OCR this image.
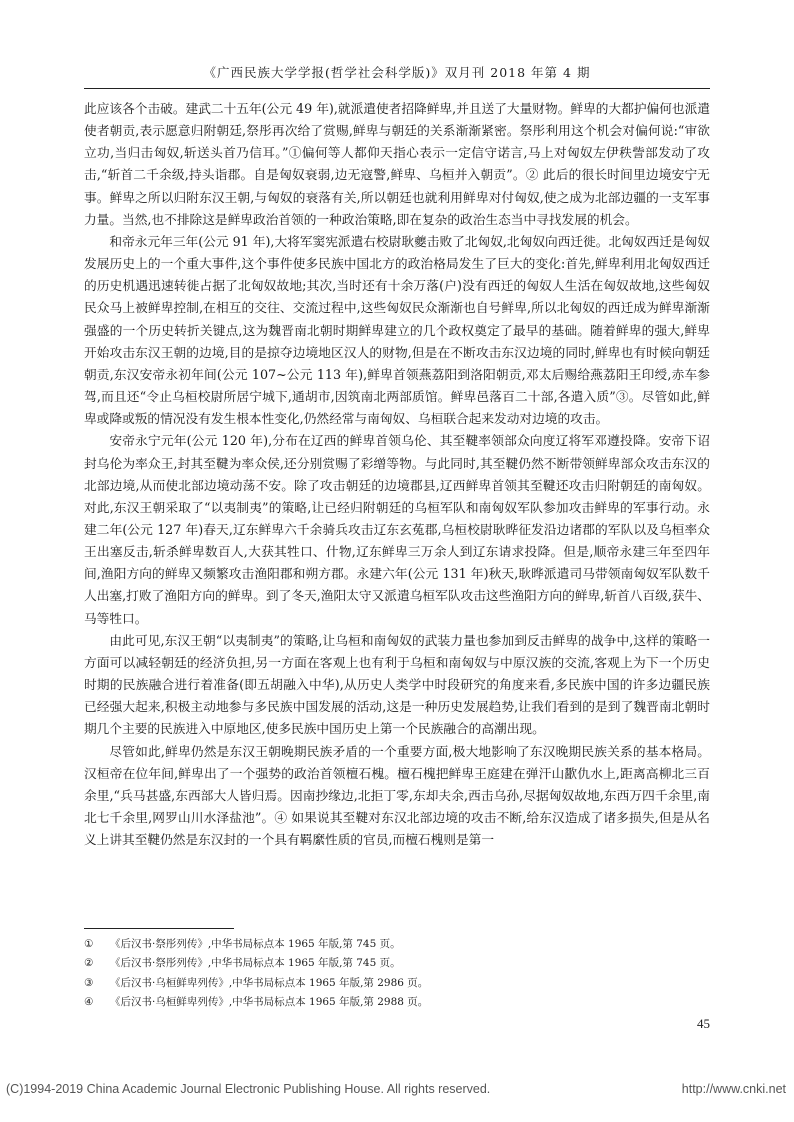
《广西民族大学学报(哲学社会科学版)》双月刊 2018 年第 4 期

此应该各个击破。建武二十五年(公元 49 年),就派遣使者招降鲜卑,并且送了大量财物。鲜卑的大都护偏何也派遣使者朝贡,表示愿意归附朝廷,祭彤再次给了赏赐,鲜卑与朝廷的关系渐渐紧密。祭彤利用这个机会对偏何说:“审欲立功,当归击匈奴,斩送头首乃信耳。”①偏何等人都仰天指心表示一定信守诺言,马上对匈奴左伊秩訾部发动了攻击,“斩首二千余级,持头诣郡。自是匈奴衰弱,边无寇警,鲜卑、乌桓并入朝贡”。② 此后的很长时间里边境安宁无事。鲜卑之所以归附东汉王朝,与匈奴的衰落有关,所以朝廷也就利用鲜卑对付匈奴,使之成为北部边疆的一支军事力量。当然,也不排除这是鲜卑政治首领的一种政治策略,即在复杂的政治生态当中寻找发展的机会。

和帝永元年三年(公元 91 年),大将军窦宪派遣右校尉耿夔击败了北匈奴,北匈奴向西迁徙。北匈奴西迁是匈奴发展历史上的一个重大事件,这个事件使多民族中国北方的政治格局发生了巨大的变化:首先,鲜卑利用北匈奴西迁的历史机遇迅速转徙占据了北匈奴故地;其次,当时还有十余万落(户)没有西迁的匈奴人生活在匈奴故地,这些匈奴民众马上被鲜卑控制,在相互的交往、交流过程中,这些匈奴民众渐渐也自号鲜卑,所以北匈奴的西迁成为鲜卑渐渐强盛的一个历史转折关键点,这为魏晋南北朝时期鲜卑建立的几个政权奠定了最早的基础。随着鲜卑的强大,鲜卑开始攻击东汉王朝的边境,目的是掠夺边境地区汉人的财物,但是在不断攻击东汉边境的同时,鲜卑也有时候向朝廷朝贡,东汉安帝永初年间(公元 107~公元 113 年),鲜卑首领燕荔阳到洛阳朝贡,邓太后赐给燕荔阳王印绶,赤车参驾,而且还“令止乌桓校尉所居宁城下,通胡市,因筑南北两部质馆。鲜卑邑落百二十部,各遣入质”③。尽管如此,鲜卑或降或叛的情况没有发生根本性变化,仍然经常与南匈奴、乌桓联合起来发动对边境的攻击。

安帝永宁元年(公元 120 年),分布在辽西的鲜卑首领乌伦、其至鞬率领部众向度辽将军邓遵投降。安帝下诏封乌伦为率众王,封其至鞬为率众侯,还分别赏赐了彩缯等物。与此同时,其至鞬仍然不断带领鲜卑部众攻击东汉的北部边境,从而使北部边境动荡不安。除了攻击朝廷的边境郡县,辽西鲜卑首领其至鞬还攻击归附朝廷的南匈奴。对此,东汉王朝采取了“以夷制夷”的策略,让已经归附朝廷的乌桓军队和南匈奴军队参加攻击鲜卑的军事行动。永建二年(公元 127 年)春天,辽东鲜卑六千余骑兵攻击辽东玄菟郡,乌桓校尉耿晔征发沿边诸郡的军队以及乌桓率众王出塞反击,斩杀鲜卑数百人,大获其牲口、什物,辽东鲜卑三万余人到辽东请求投降。但是,顺帝永建三年至四年间,渔阳方向的鲜卑又频繁攻击渔阳郡和朔方郡。永建六年(公元 131 年)秋天,耿晔派遣司马带领南匈奴军队数千人出塞,打败了渔阳方向的鲜卑。到了冬天,渔阳太守又派遣乌桓军队攻击这些渔阳方向的鲜卑,斩首八百级,获牛、马等牲口。

由此可见,东汉王朝“以夷制夷”的策略,让乌桓和南匈奴的武装力量也参加到反击鲜卑的战争中,这样的策略一方面可以减轻朝廷的经济负担,另一方面在客观上也有利于乌桓和南匈奴与中原汉族的交流,客观上为下一个历史时期的民族融合进行着准备(即五胡融入中华),从历史人类学中时段研究的角度来看,多民族中国的许多边疆民族已经强大起来,积极主动地参与多民族中国发展的活动,这是一种历史发展趋势,让我们看到的是到了魏晋南北朝时期几个主要的民族进入中原地区,使多民族中国历史上第一个民族融合的高潮出现。

尽管如此,鲜卑仍然是东汉王朝晚期民族矛盾的一个重要方面,极大地影响了东汉晚期民族关系的基本格局。汉桓帝在位年间,鲜卑出了一个强势的政治首领檀石槐。檀石槐把鲜卑王庭建在弹汗山歠仇水上,距离高柳北三百余里,“兵马甚盛,东西部大人皆归焉。因南抄缘边,北拒丁零,东却夫余,西击乌孙,尽据匈奴故地,东西万四千余里,南北七千余里,网罗山川水泽盐池”。④ 如果说其至鞬对东汉北部边境的攻击不断,给东汉造成了诸多损失,但是从名义上讲其至鞬仍然是东汉封的一个具有羁縻性质的官员,而檀石槐则是第一

①	《后汉书·祭彤列传》,中华书局标点本 1965 年版,第 745 页。
②	《后汉书·祭彤列传》,中华书局标点本 1965 年版,第 745 页。
③	《后汉书·乌桓鲜卑列传》,中华书局标点本 1965 年版,第 2986 页。
④	《后汉书·乌桓鲜卑列传》,中华书局标点本 1965 年版,第 2988 页。
45
(C)1994-2019 China Academic Journal Electronic Publishing House. All rights reserved.	http://www.cnki.net
